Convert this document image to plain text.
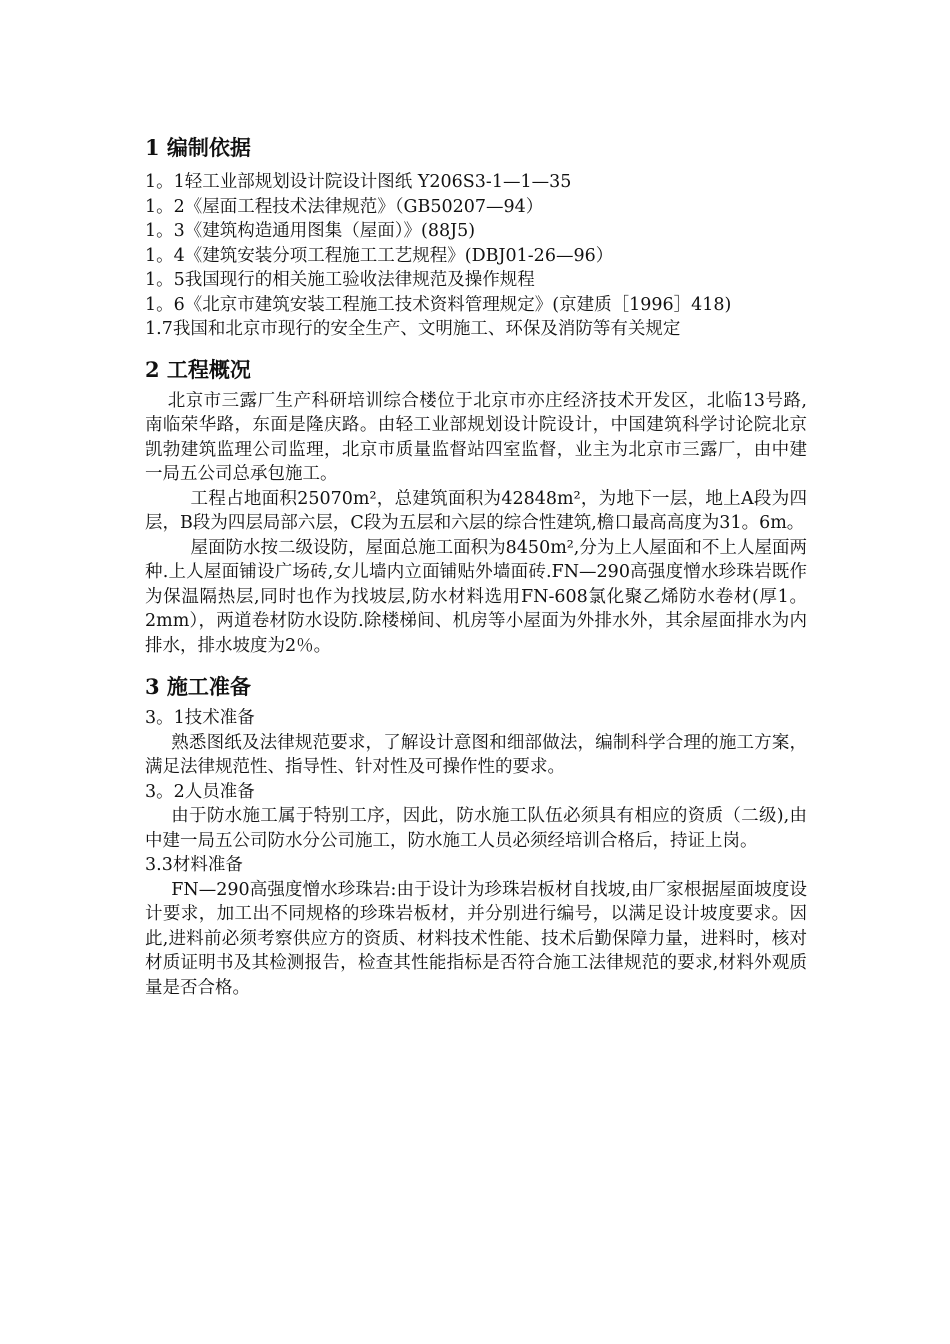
1 编制依据

1。1轻工业部规划设计院设计图纸 Y206S3-1—1—35

1。2《屋面工程技术法律规范》（GB50207—94）

1。3《建筑构造通用图集（屋面）》(88J5)

1。4《建筑安装分项工程施工工艺规程》(DBJ01-26—96）

1。5我国现行的相关施工验收法律规范及操作规程

1。6《北京市建筑安装工程施工技术资料管理规定》(京建质［1996］418)

1.7我国和北京市现行的安全生产、文明施工、环保及消防等有关规定

2 工程概况

北京市三露厂生产科研培训综合楼位于北京市亦庄经济技术开发区，北临13号路,南临荣华路，东面是隆庆路。由轻工业部规划设计院设计，中国建筑科学讨论院北京凯勃建筑监理公司监理，北京市质量监督站四室监督，业主为北京市三露厂，由中建一局五公司总承包施工。

工程占地面积25070m²，总建筑面积为42848m²，为地下一层，地上A段为四层，B段为四层局部六层，C段为五层和六层的综合性建筑,檐口最高高度为31。6m。

屋面防水按二级设防，屋面总施工面积为8450m²,分为上人屋面和不上人屋面两种.上人屋面铺设广场砖,女儿墙内立面铺贴外墙面砖.FN—290高强度憎水珍珠岩既作为保温隔热层,同时也作为找坡层,防水材料选用FN-608氯化聚乙烯防水卷材(厚1。2mm），两道卷材防水设防.除楼梯间、机房等小屋面为外排水外，其余屋面排水为内排水，排水坡度为2％。

3 施工准备

3。1技术准备

熟悉图纸及法律规范要求，了解设计意图和细部做法，编制科学合理的施工方案，满足法律规范性、指导性、针对性及可操作性的要求。

3。2人员准备

由于防水施工属于特别工序，因此，防水施工队伍必须具有相应的资质（二级),由中建一局五公司防水分公司施工，防水施工人员必须经培训合格后，持证上岗。

3.3材料准备

FN—290高强度憎水珍珠岩:由于设计为珍珠岩板材自找坡,由厂家根据屋面坡度设计要求，加工出不同规格的珍珠岩板材，并分别进行编号，以满足设计坡度要求。因此,进料前必须考察供应方的资质、材料技术性能、技术后勤保障力量，进料时，核对材质证明书及其检测报告，检查其性能指标是否符合施工法律规范的要求,材料外观质量是否合格。
